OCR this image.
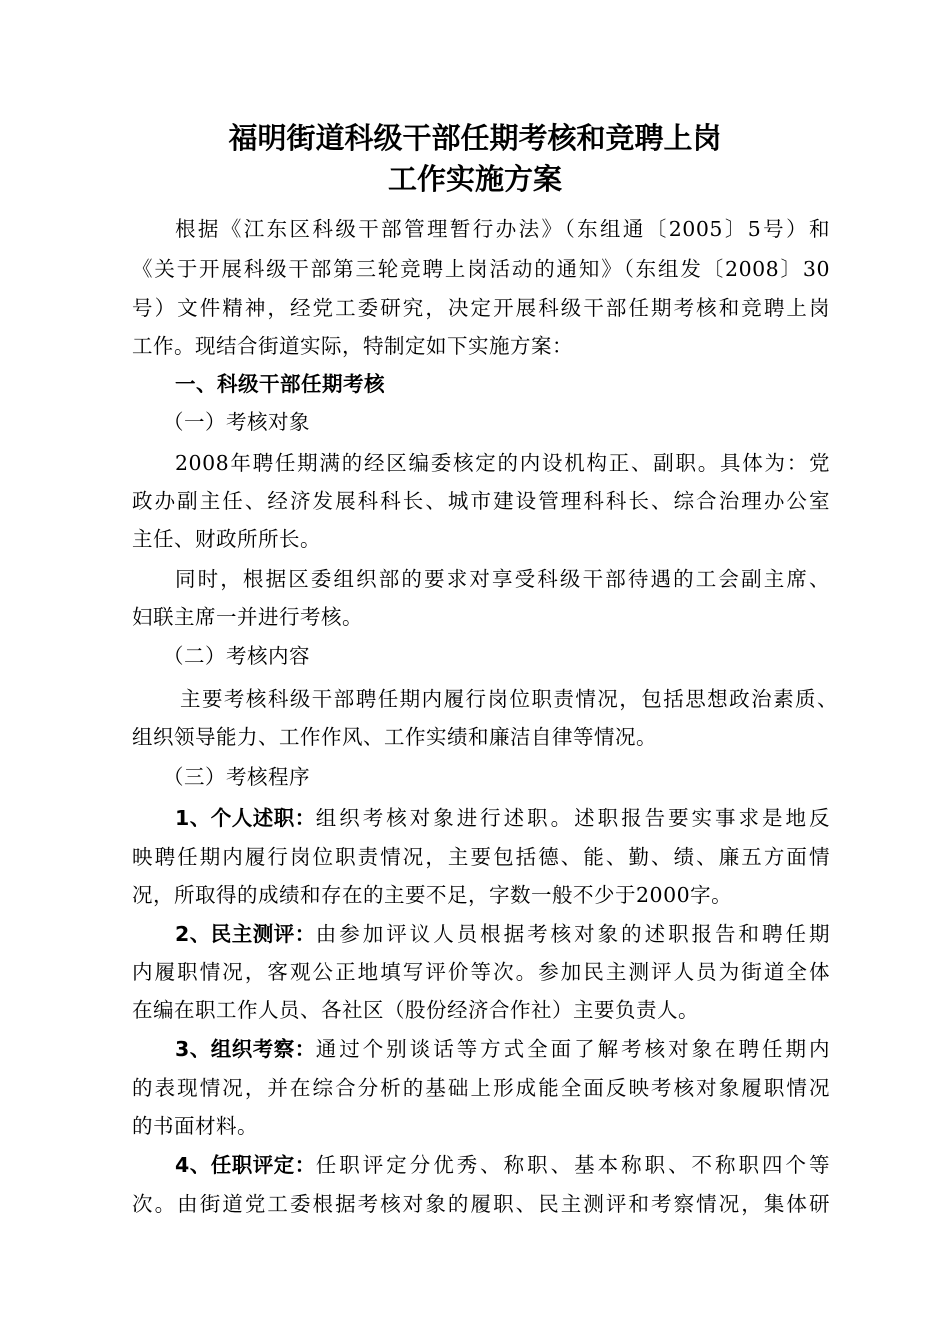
福明街道科级干部任期考核和竞聘上岗
工作实施方案
根据《江东区科级干部管理暂行办法》（东组通〔2005〕5号）和
《关于开展科级干部第三轮竞聘上岗活动的通知》（东组发〔2008〕30
号）文件精神，经党工委研究，决定开展科级干部任期考核和竞聘上岗
工作。现结合街道实际，特制定如下实施方案：
一、科级干部任期考核
（一）考核对象
2008年聘任期满的经区编委核定的内设机构正、副职。具体为：党
政办副主任、经济发展科科长、城市建设管理科科长、综合治理办公室
主任、财政所所长。
同时，根据区委组织部的要求对享受科级干部待遇的工会副主席、
妇联主席一并进行考核。
（二）考核内容
主要考核科级干部聘任期内履行岗位职责情况，包括思想政治素质、
组织领导能力、工作作风、工作实绩和廉洁自律等情况。
（三）考核程序
1、个人述职： 组织考核对象进行述职。述职报告要实事求是地反
映聘任期内履行岗位职责情况，主要包括德、能、勤、绩、廉五方面情
况，所取得的成绩和存在的主要不足，字数一般不少于2000字。
2、民主测评： 由参加评议人员根据考核对象的述职报告和聘任期
内履职情况，客观公正地填写评价等次。参加民主测评人员为街道全体
在编在职工作人员、各社区（股份经济合作社）主要负责人。
3、组织考察： 通过个别谈话等方式全面了解考核对象在聘任期内
的表现情况，并在综合分析的基础上形成能全面反映考核对象履职情况
的书面材料。
4、任职评定： 任职评定分优秀、称职、基本称职、不称职四个等
次。由街道党工委根据考核对象的履职、民主测评和考察情况，集体研
